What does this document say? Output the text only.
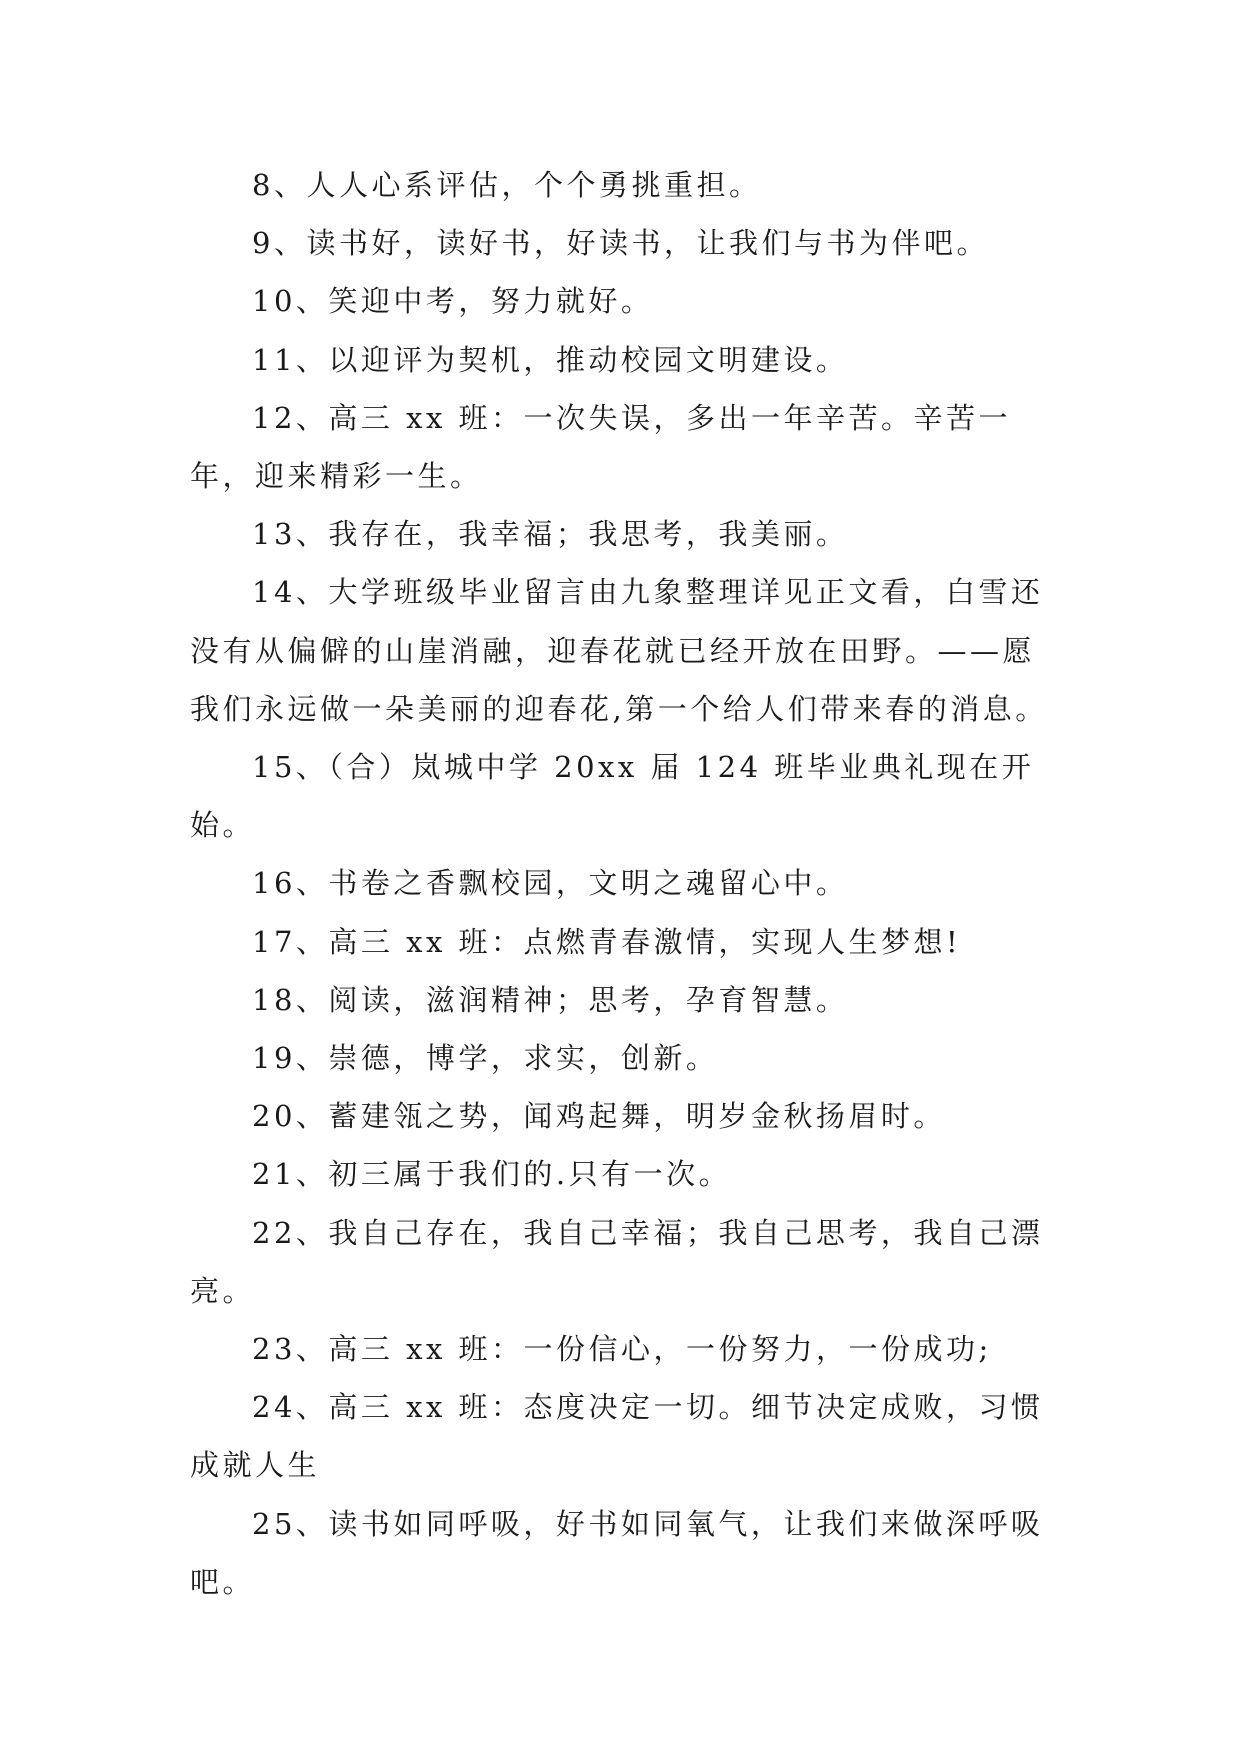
8、人人心系评估，个个勇挑重担。

9、读书好，读好书，好读书，让我们与书为伴吧。

10、笑迎中考，努力就好。

11、以迎评为契机，推动校园文明建设。

12、高三 xx 班：一次失误，多出一年辛苦。辛苦一年，迎来精彩一生。

13、我存在，我幸福；我思考，我美丽。

14、大学班级毕业留言由九象整理详见正文看，白雪还没有从偏僻的山崖消融，迎春花就已经开放在田野。——愿我们永远做一朵美丽的迎春花,第一个给人们带来春的消息。

15、（合）岚城中学 20xx 届 124 班毕业典礼现在开始。

16、书卷之香飘校园，文明之魂留心中。

17、高三 xx 班：点燃青春激情，实现人生梦想!

18、阅读，滋润精神；思考，孕育智慧。

19、崇德，博学，求实，创新。

20、蓄建瓴之势，闻鸡起舞，明岁金秋扬眉时。

21、初三属于我们的.只有一次。

22、我自己存在，我自己幸福；我自己思考，我自己漂亮。

23、高三 xx 班：一份信心，一份努力，一份成功;

24、高三 xx 班：态度决定一切。细节决定成败，习惯成就人生

25、读书如同呼吸，好书如同氧气，让我们来做深呼吸吧。
